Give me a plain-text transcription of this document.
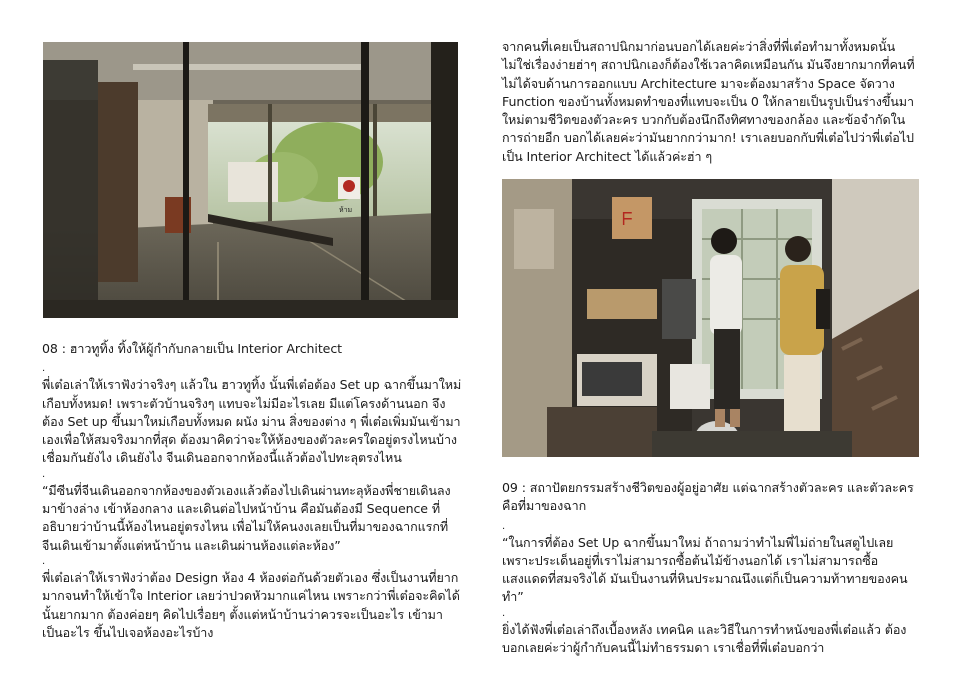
ห้าม	ᖴ

08 : ฮาวทูทิ้ง ทิ้งให้ผู้กำกับกลายเป็น Interior Architect

.

พี่เต๋อเล่าให้เราฟังว่าจริงๆ แล้วใน ฮาวทูทิ้ง นั้นพี่เต๋อต้อง Set up ฉากขึ้นมาใหม่เกือบทั้งหมด! เพราะตัวบ้านจริงๆ แทบจะไม่มีอะไรเลย มีแต่โครงด้านนอก จึงต้อง Set up ขึ้นมาใหม่เกือบทั้งหมด ผนัง ม่าน สิ่งของต่าง ๆ พี่เต๋อเพิ่มมันเข้ามาเองเพื่อให้สมจริงมากที่สุด ต้องมาคิดว่าจะให้ห้องของตัวละครใดอยู่ตรงไหนบ้าง เชื่อมกันยังไง เดินยังไง จีนเดินออกจากห้องนี้แล้วต้องไปทะลุตรงไหน

.

“มีซีนที่จีนเดินออกจากห้องของตัวเองแล้วต้องไปเดินผ่านทะลุห้องพี่ชายเดินลงมาข้างล่าง เข้าห้องกลาง และเดินต่อไปหน้าบ้าน คือมันต้องมี Sequence ที่อธิบายว่าบ้านนี้ห้องไหนอยู่ตรงไหน เพื่อไม่ให้คนงงเลยเป็นที่มาของฉากแรกที่จีนเดินเข้ามาตั้งแต่หน้าบ้าน และเดินผ่านห้องแต่ละห้อง”

.

พี่เต๋อเล่าให้เราฟังว่าต้อง Design ห้อง 4 ห้องต่อกันด้วยตัวเอง ซึ่งเป็นงานที่ยากมากจนทำให้เข้าใจ Interior เลยว่าปวดหัวมากแค่ไหน เพราะกว่าพี่เต๋อจะคิดได้นั้นยากมาก ต้องค่อยๆ คิดไปเรื่อยๆ ตั้งแต่หน้าบ้านว่าควรจะเป็นอะไร เข้ามาเป็นอะไร ขึ้นไปเจอห้องอะไรบ้าง

จากคนที่เคยเป็นสถาปนิกมาก่อนบอกได้เลยค่ะว่าสิ่งที่พี่เต๋อทำมาทั้งหมดนั้นไม่ใช่เรื่องง่ายฮ่าๆ สถาปนิกเองก็ต้องใช้เวลาคิดเหมือนกัน มันจึงยากมากที่คนที่ไม่ได้จบด้านการออกแบบ Architecture มาจะต้องมาสร้าง Space จัดวาง Function ของบ้านทั้งหมดทำของที่แทบจะเป็น 0 ให้กลายเป็นรูปเป็นร่างขึ้นมาใหม่ตามชีวิตของตัวละคร บวกกับต้องนึกถึงทิศทางของกล้อง และข้อจำกัดในการถ่ายอีก บอกได้เลยค่ะว่ามันยากกว่ามาก! เราเลยบอกกับพี่เต๋อไปว่าพี่เต๋อไปเป็น Interior Architect ได้แล้วค่ะฮ่า ๆ

09 : สถาปัตยกรรมสร้างชีวิตของผู้อยู่อาศัย แต่ฉากสร้างตัวละคร และตัวละครคือที่มาของฉาก

.

“ในการที่ต้อง Set Up ฉากขึ้นมาใหม่ ถ้าถามว่าทำไมพี่ไม่ถ่ายในสตูไปเลย เพราะประเด็นอยู่ที่เราไม่สามารถซื้อต้นไม้ข้างนอกได้ เราไม่สามารถซื้อแสงแดดที่สมจริงได้ มันเป็นงานที่หินประมาณนึงแต่ก็เป็นความท้าทายของคนทำ”

.

ยิ่งได้ฟังพี่เต๋อเล่าถึงเบื้องหลัง เทคนิค และวิธีในการทำหนังของพี่เต๋อแล้ว ต้องบอกเลยค่ะว่าผู้กำกับคนนี้ไม่ทำธรรมดา เราเชื่อที่พี่เต๋อบอกว่า
